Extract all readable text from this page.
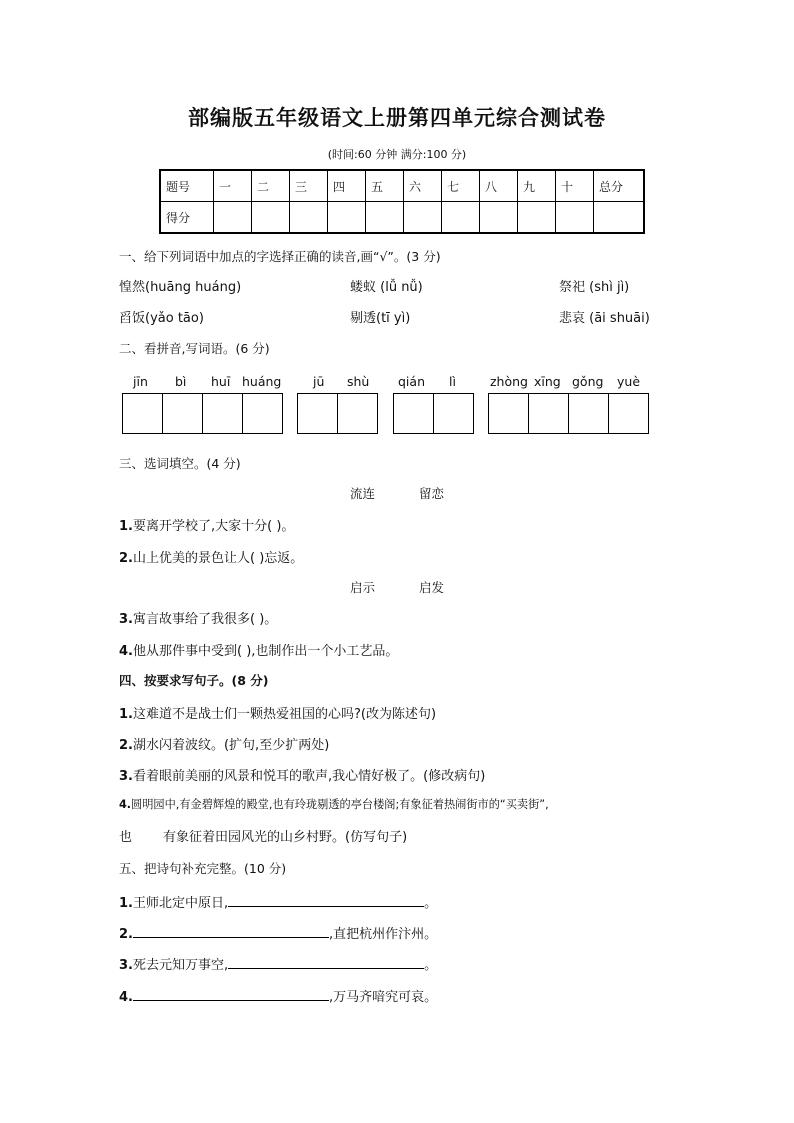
部编版五年级语文上册第四单元综合测试卷
(时间:60 分钟 满分:100 分)
题号	一	二	三	四	五	六	七	八	九	十	总分
得分											
一、给下列词语中加点的字选择正确的读音,画“√”。(3 分)
惶然(huāng huáng)	蝼蚁 (lǚ nǚ)	祭祀 (shì jì)
舀饭(yǎo tāo)	剔透(tī yì)	悲哀 (āi shuāi)
二、看拼音,写词语。(6 分)
jīn bì huī huáng	jū shù qián lì	zhòng xīng gǒng yuè
三、选词填空。(4 分)
流连	留恋
1.要离开学校了,大家十分( )。
2.山上优美的景色让人( )忘返。
启示	启发
3.寓言故事给了我很多( )。
4.他从那件事中受到( ),也制作出一个小工艺品。
四、按要求写句子。(8 分)
1.这难道不是战士们一颗热爱祖国的心吗?(改为陈述句)
2.湖水闪着波纹。(扩句,至少扩两处)
3.看着眼前美丽的风景和悦耳的歌声,我心情好极了。(修改病句)
4.圆明园中,有金碧辉煌的殿堂,也有玲珑剔透的亭台楼阁;有象征着热闹街市的“买卖街”,
也 有象征着田园风光的山乡村野。(仿写句子)
五、把诗句补充完整。(10 分)
1.王师北定中原日,	。
2.	,直把杭州作汴州。
3.死去元知万事空,	。
4.	,万马齐喑究可哀。
